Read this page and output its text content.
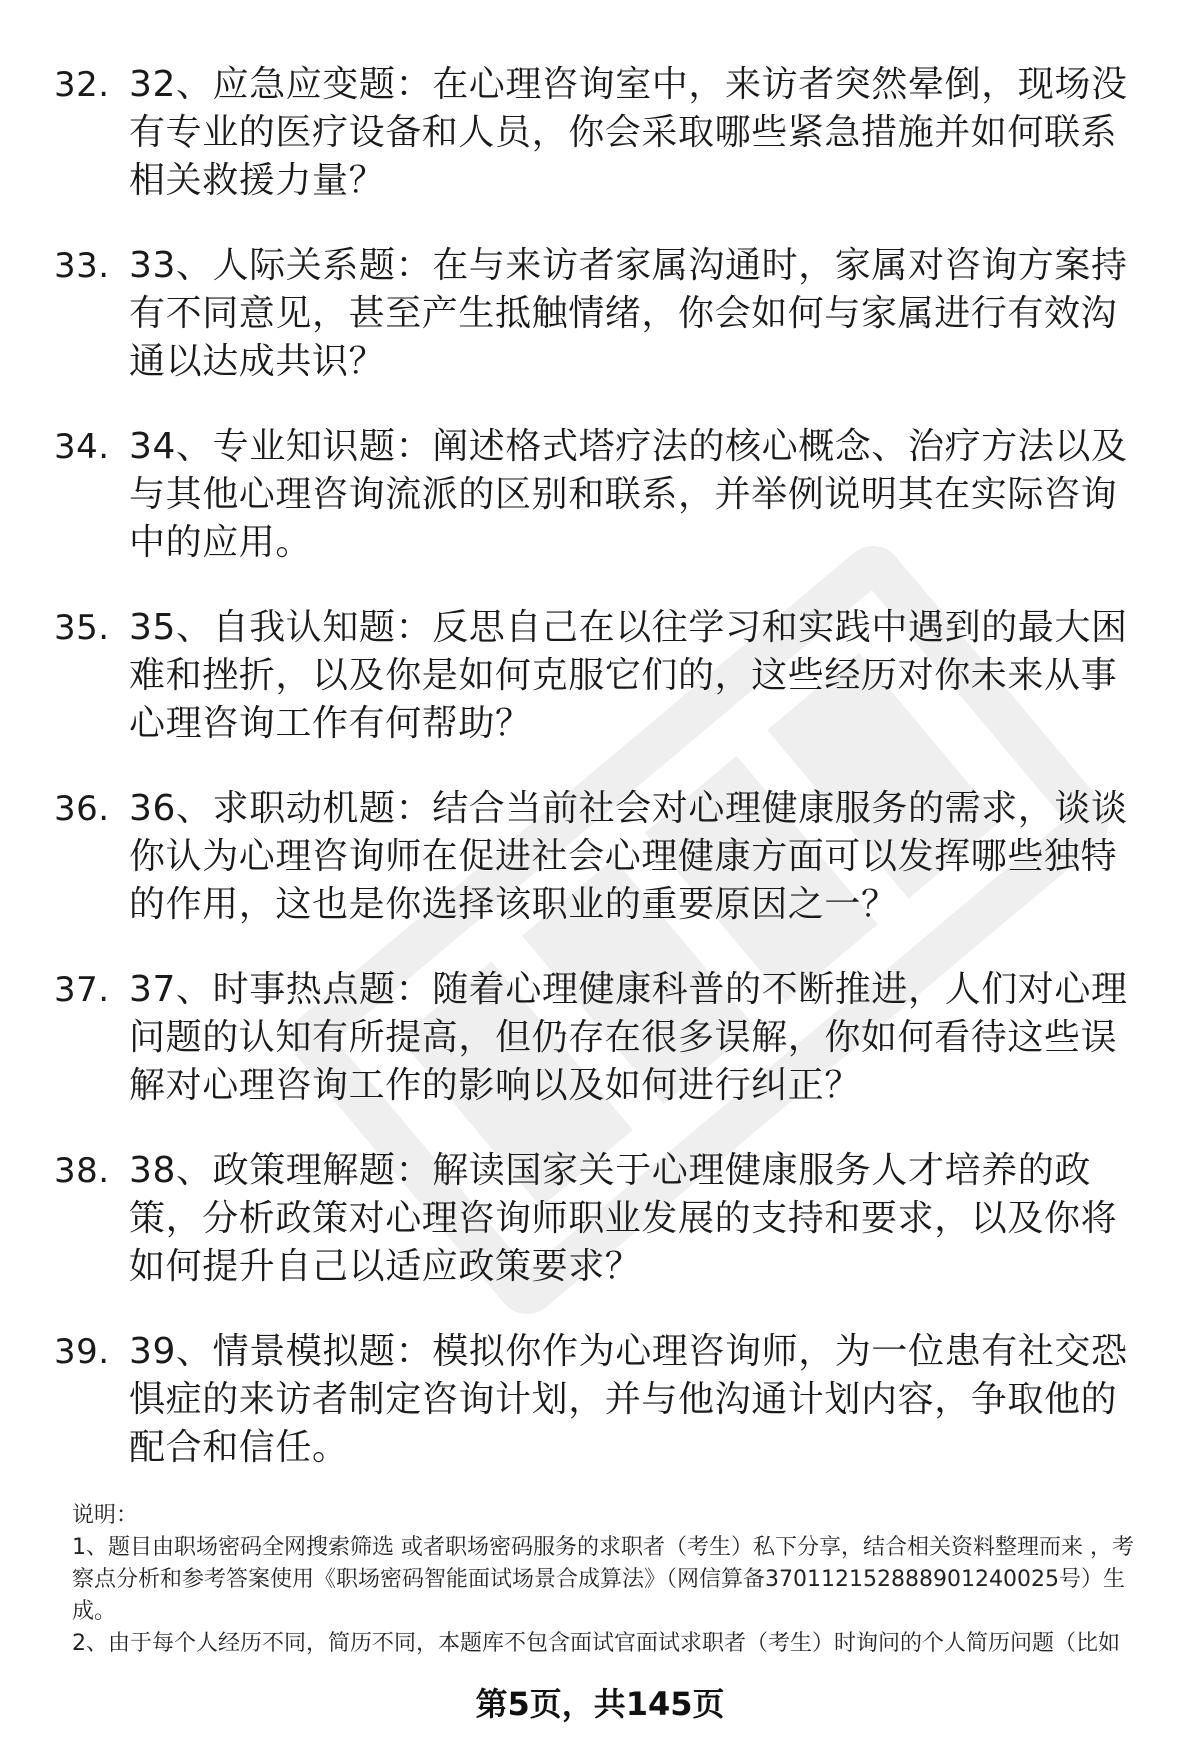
32. 32、应急应变题：在心理咨询室中，来访者突然晕倒，现场没有专业的医疗设备和人员，你会采取哪些紧急措施并如何联系相关救援力量？
33. 33、人际关系题：在与来访者家属沟通时，家属对咨询方案持有不同意见，甚至产生抵触情绪，你会如何与家属进行有效沟通以达成共识？
34. 34、专业知识题：阐述格式塔疗法的核心概念、治疗方法以及与其他心理咨询流派的区别和联系，并举例说明其在实际咨询中的应用。
35. 35、自我认知题：反思自己在以往学习和实践中遇到的最大困难和挫折，以及你是如何克服它们的，这些经历对你未来从事心理咨询工作有何帮助？
36. 36、求职动机题：结合当前社会对心理健康服务的需求，谈谈你认为心理咨询师在促进社会心理健康方面可以发挥哪些独特的作用，这也是你选择该职业的重要原因之一？
37. 37、时事热点题：随着心理健康科普的不断推进，人们对心理问题的认知有所提高，但仍存在很多误解，你如何看待这些误解对心理咨询工作的影响以及如何进行纠正？
38. 38、政策理解题：解读国家关于心理健康服务人才培养的政策，分析政策对心理咨询师职业发展的支持和要求，以及你将如何提升自己以适应政策要求？
39. 39、情景模拟题：模拟你作为心理咨询师，为一位患有社交恐惧症的来访者制定咨询计划，并与他沟通计划内容，争取他的配合和信任。

说明：

1、题目由职场密码全网搜索筛选 或者职场密码服务的求职者（考生）私下分享，结合相关资料整理而来 ，考察点分析和参考答案使用《职场密码智能面试场景合成算法》（网信算备370112152888901240025号）生成。

2、由于每个人经历不同，简历不同，本题库不包含面试官面试求职者（考生）时询问的个人简历问题（比如

第5页，共145页
